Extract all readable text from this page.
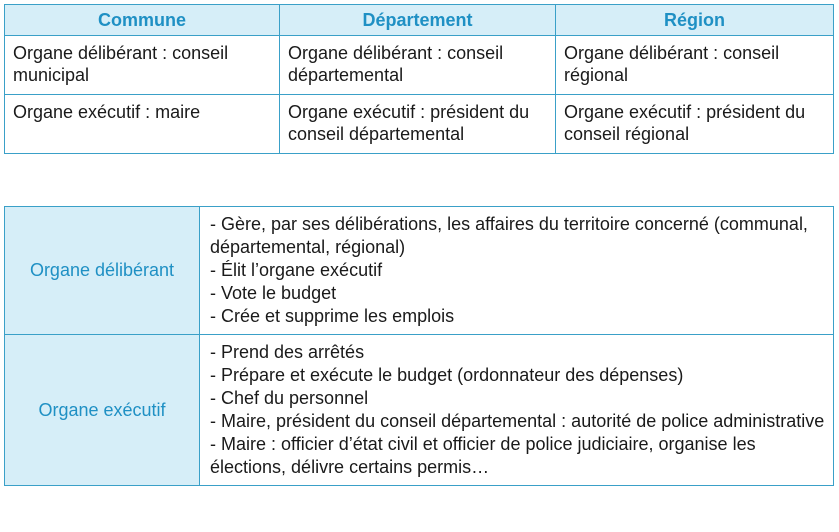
Commune	Département	Région
Organe délibérant : conseil municipal	Organe délibérant : conseil départemental	Organe délibérant : conseil régional
Organe exécutif : maire	Organe exécutif : président du conseil départemental	Organe exécutif : président du conseil régional
Organe délibérant	- Gère, par ses délibérations, les affaires du territoire concerné (communal, départemental, régional)
- Élit l’organe exécutif
- Vote le budget
- Crée et supprime les emplois

Organe exécutif	- Prend des arrêtés
- Prépare et exécute le budget (ordonnateur des dépenses)
- Chef du personnel
- Maire, président du conseil départemental : autorité de police administrative
- Maire : officier d’état civil et officier de police judiciaire, organise les élections, délivre certains permis…
